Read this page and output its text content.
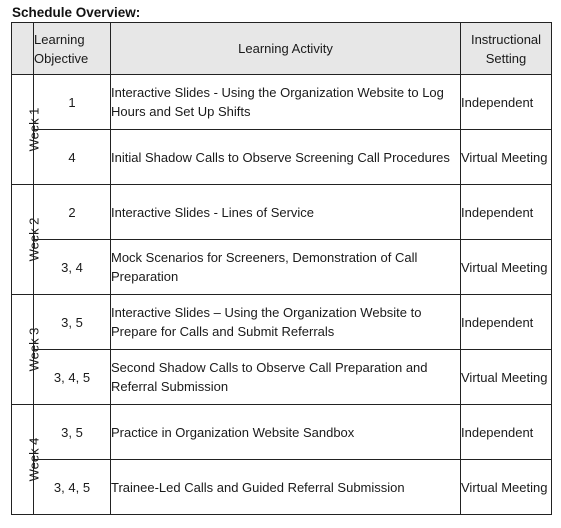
Schedule Overview:
	Learning Objective	Learning Activity	Instructional Setting
Week 1	1	Interactive Slides - Using the Organization Website to Log Hours and Set Up Shifts	Independent
	4	Initial Shadow Calls to Observe Screening Call Procedures	Virtual Meeting
Week 2	2	Interactive Slides - Lines of Service	Independent
	3, 4	Mock Scenarios for Screeners, Demonstration of Call Preparation	Virtual Meeting
Week 3	3, 5	Interactive Slides – Using the Organization Website to Prepare for Calls and Submit Referrals	Independent
	3, 4, 5	Second Shadow Calls to Observe Call Preparation and Referral Submission	Virtual Meeting
Week 4	3, 5	Practice in Organization Website Sandbox	Independent
	3, 4, 5	Trainee-Led Calls and Guided Referral Submission	Virtual Meeting
